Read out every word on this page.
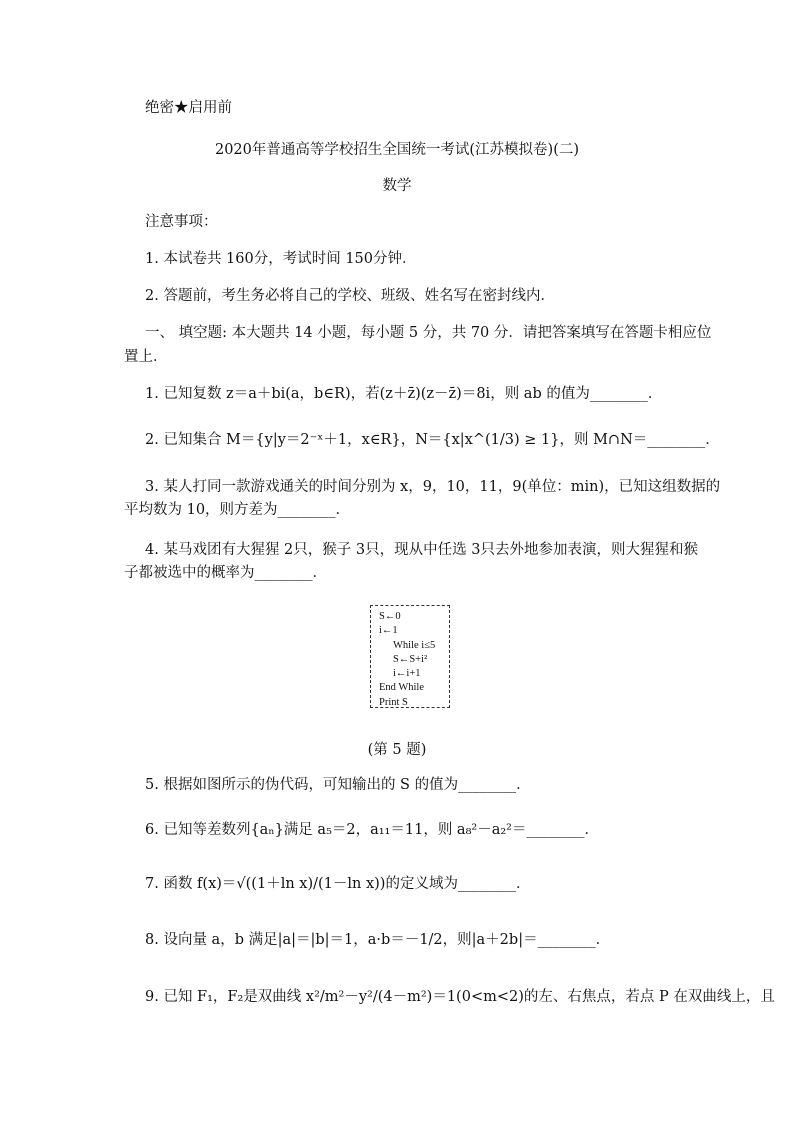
绝密★启用前
2020年普通高等学校招生全国统一考试(江苏模拟卷)(二)
数学
注意事项：
1. 本试卷共 160分，考试时间 150分钟．
2. 答题前，考生务必将自己的学校、班级、姓名写在密封线内．
一、 填空题: 本大题共 14 小题，每小题 5 分，共 70 分．请把答案填写在答题卡相应位
置上．
1. 已知复数 z＝a＋bi(a，b∈R)，若(z＋z̄)(z－z̄)＝8i，则 ab 的值为________．
2. 已知集合 M＝{y|y＝2⁻ˣ＋1，x∈R}，N＝{x|x^(1/3) ≥ 1}，则 M∩N＝________．
3. 某人打同一款游戏通关的时间分别为 x，9，10，11，9(单位：min)，已知这组数据的
平均数为 10，则方差为________．
4. 某马戏团有大猩猩 2只，猴子 3只，现从中任选 3只去外地参加表演，则大猩猩和猴
子都被选中的概率为________．
S←0
i←1
While i≤5
S←S+i²
i←i+1
End While
Print S
(第 5 题)
5. 根据如图所示的伪代码，可知输出的 S 的值为________．
6. 已知等差数列{aₙ}满足 a₅＝2，a₁₁＝11，则 a₈²－a₂²＝________．
7. 函数 f(x)＝√((1＋ln x)/(1－ln x))的定义域为________．
8. 设向量 a，b 满足|a|＝|b|＝1，a·b＝－1/2，则|a＋2b|＝________．
9. 已知 F₁，F₂是双曲线 x²/m²－y²/(4－m²)＝1(0<m<2)的左、右焦点，若点 P 在双曲线上，且
